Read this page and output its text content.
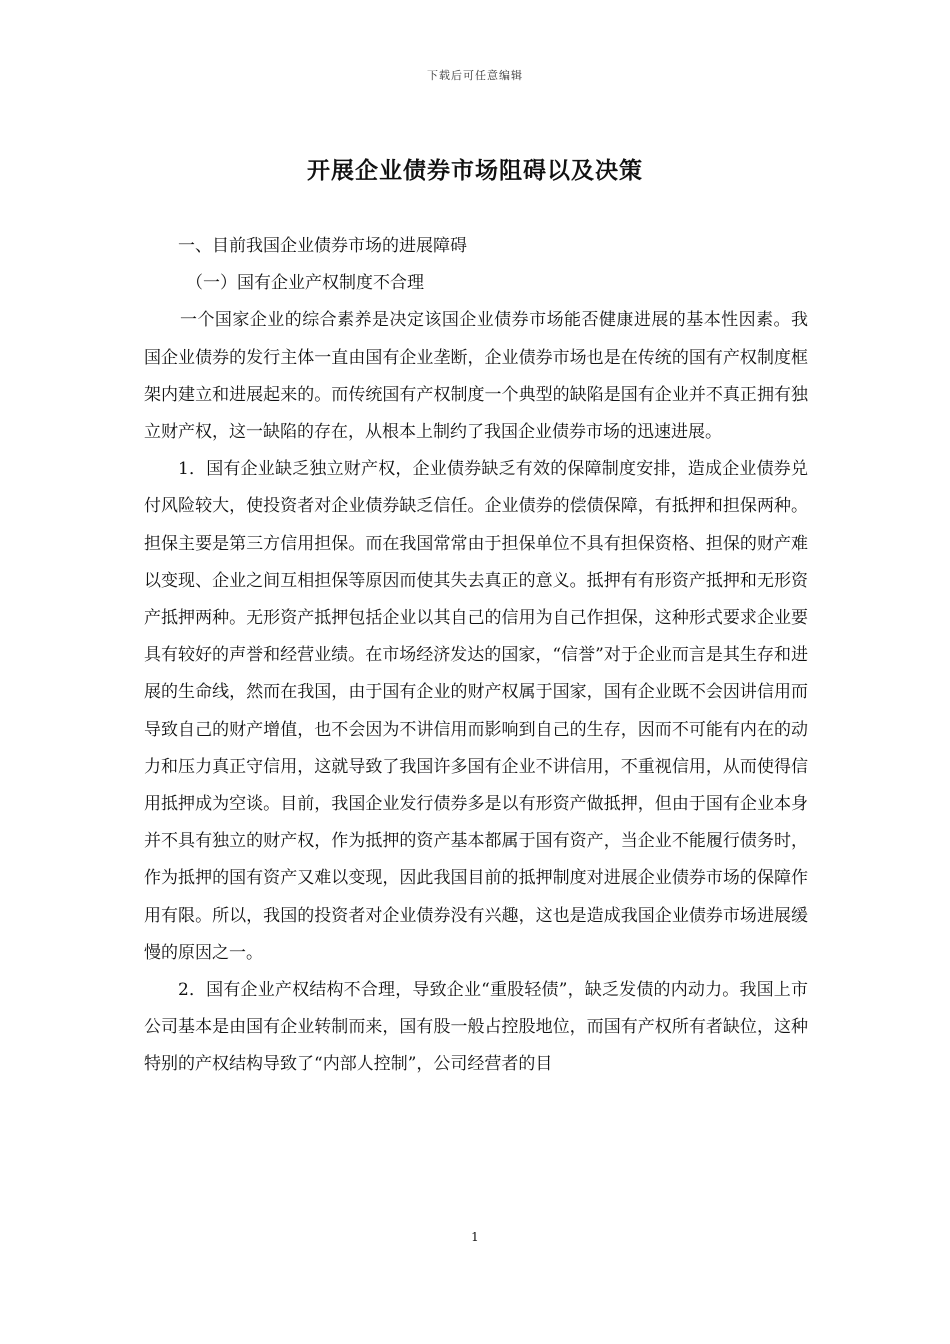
下载后可任意编辑
开展企业债券市场阻碍以及决策

一、目前我国企业债券市场的进展障碍

（一）国有企业产权制度不合理

一个国家企业的综合素养是决定该国企业债券市场能否健康进展的基本性因素。我国企业债券的发行主体一直由国有企业垄断，企业债券市场也是在传统的国有产权制度框架内建立和进展起来的。而传统国有产权制度一个典型的缺陷是国有企业并不真正拥有独立财产权，这一缺陷的存在，从根本上制约了我国企业债券市场的迅速进展。

1．国有企业缺乏独立财产权，企业债券缺乏有效的保障制度安排，造成企业债券兑付风险较大，使投资者对企业债券缺乏信任。企业债券的偿债保障，有抵押和担保两种。担保主要是第三方信用担保。而在我国常常由于担保单位不具有担保资格、担保的财产难以变现、企业之间互相担保等原因而使其失去真正的意义。抵押有有形资产抵押和无形资产抵押两种。无形资产抵押包括企业以其自己的信用为自己作担保，这种形式要求企业要具有较好的声誉和经营业绩。在市场经济发达的国家，“信誉”对于企业而言是其生存和进展的生命线，然而在我国，由于国有企业的财产权属于国家，国有企业既不会因讲信用而导致自己的财产增值，也不会因为不讲信用而影响到自己的生存，因而不可能有内在的动力和压力真正守信用，这就导致了我国许多国有企业不讲信用，不重视信用，从而使得信用抵押成为空谈。目前，我国企业发行债券多是以有形资产做抵押，但由于国有企业本身并不具有独立的财产权，作为抵押的资产基本都属于国有资产，当企业不能履行债务时，作为抵押的国有资产又难以变现，因此我国目前的抵押制度对进展企业债券市场的保障作用有限。所以，我国的投资者对企业债券没有兴趣，这也是造成我国企业债券市场进展缓慢的原因之一。

2．国有企业产权结构不合理，导致企业“重股轻债”，缺乏发债的内动力。我国上市公司基本是由国有企业转制而来，国有股一般占控股地位，而国有产权所有者缺位，这种特别的产权结构导致了“内部人控制”，公司经营者的目

1
